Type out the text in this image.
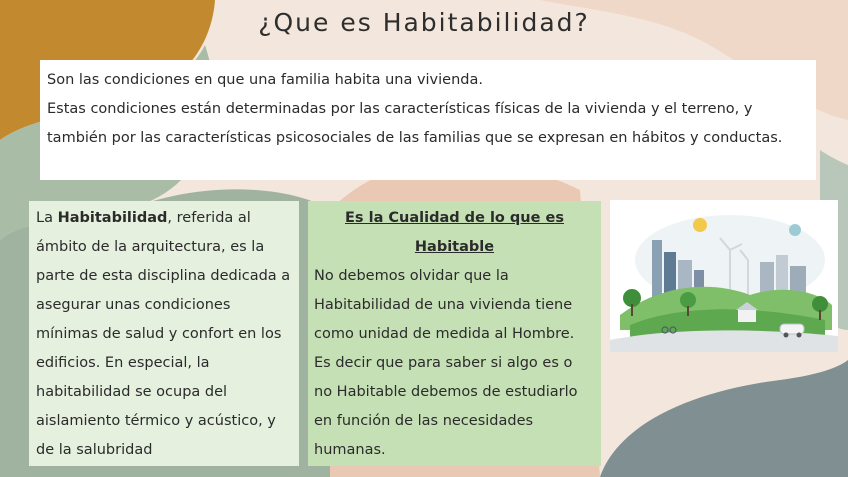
¿Que es Habitabilidad?

Son las condiciones en que una familia habita una vivienda.

Estas condiciones están determinadas por las características físicas de la vivienda y el terreno, y también por las características psicosociales de las familias que se expresan en hábitos y conductas.

La Habitabilidad, referida al ámbito de la arquitectura, es la parte de esta disciplina dedicada a asegurar unas condiciones mínimas de salud y confort en los edificios. En especial, la habitabilidad se ocupa del aislamiento térmico y acústico, y de la salubridad

Es la Cualidad de lo que es Habitable

No debemos olvidar que la Habitabilidad de una vivienda tiene como unidad de medida al Hombre. Es decir que para saber si algo es o no Habitable debemos de estudiarlo en función de las necesidades humanas.
